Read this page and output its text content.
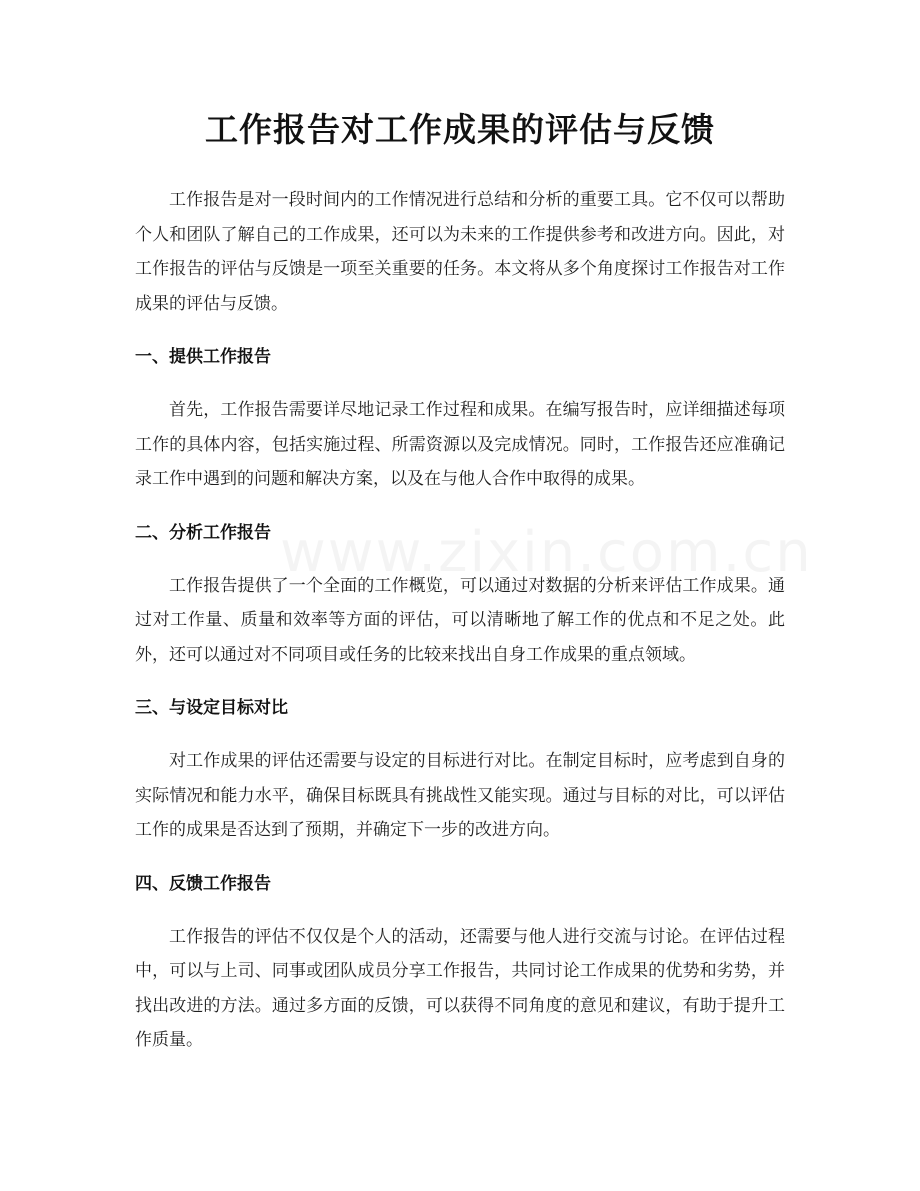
工作报告对工作成果的评估与反馈

工作报告是对一段时间内的工作情况进行总结和分析的重要工具。它不仅可以帮助个人和团队了解自己的工作成果，还可以为未来的工作提供参考和改进方向。因此，对工作报告的评估与反馈是一项至关重要的任务。本文将从多个角度探讨工作报告对工作成果的评估与反馈。

一、提供工作报告

首先，工作报告需要详尽地记录工作过程和成果。在编写报告时，应详细描述每项工作的具体内容，包括实施过程、所需资源以及完成情况。同时，工作报告还应准确记录工作中遇到的问题和解决方案，以及在与他人合作中取得的成果。

二、分析工作报告

工作报告提供了一个全面的工作概览，可以通过对数据的分析来评估工作成果。通过对工作量、质量和效率等方面的评估，可以清晰地了解工作的优点和不足之处。此外，还可以通过对不同项目或任务的比较来找出自身工作成果的重点领域。

三、与设定目标对比

对工作成果的评估还需要与设定的目标进行对比。在制定目标时，应考虑到自身的实际情况和能力水平，确保目标既具有挑战性又能实现。通过与目标的对比，可以评估工作的成果是否达到了预期，并确定下一步的改进方向。

四、反馈工作报告

工作报告的评估不仅仅是个人的活动，还需要与他人进行交流与讨论。在评估过程中，可以与上司、同事或团队成员分享工作报告，共同讨论工作成果的优势和劣势，并找出改进的方法。通过多方面的反馈，可以获得不同角度的意见和建议，有助于提升工作质量。
